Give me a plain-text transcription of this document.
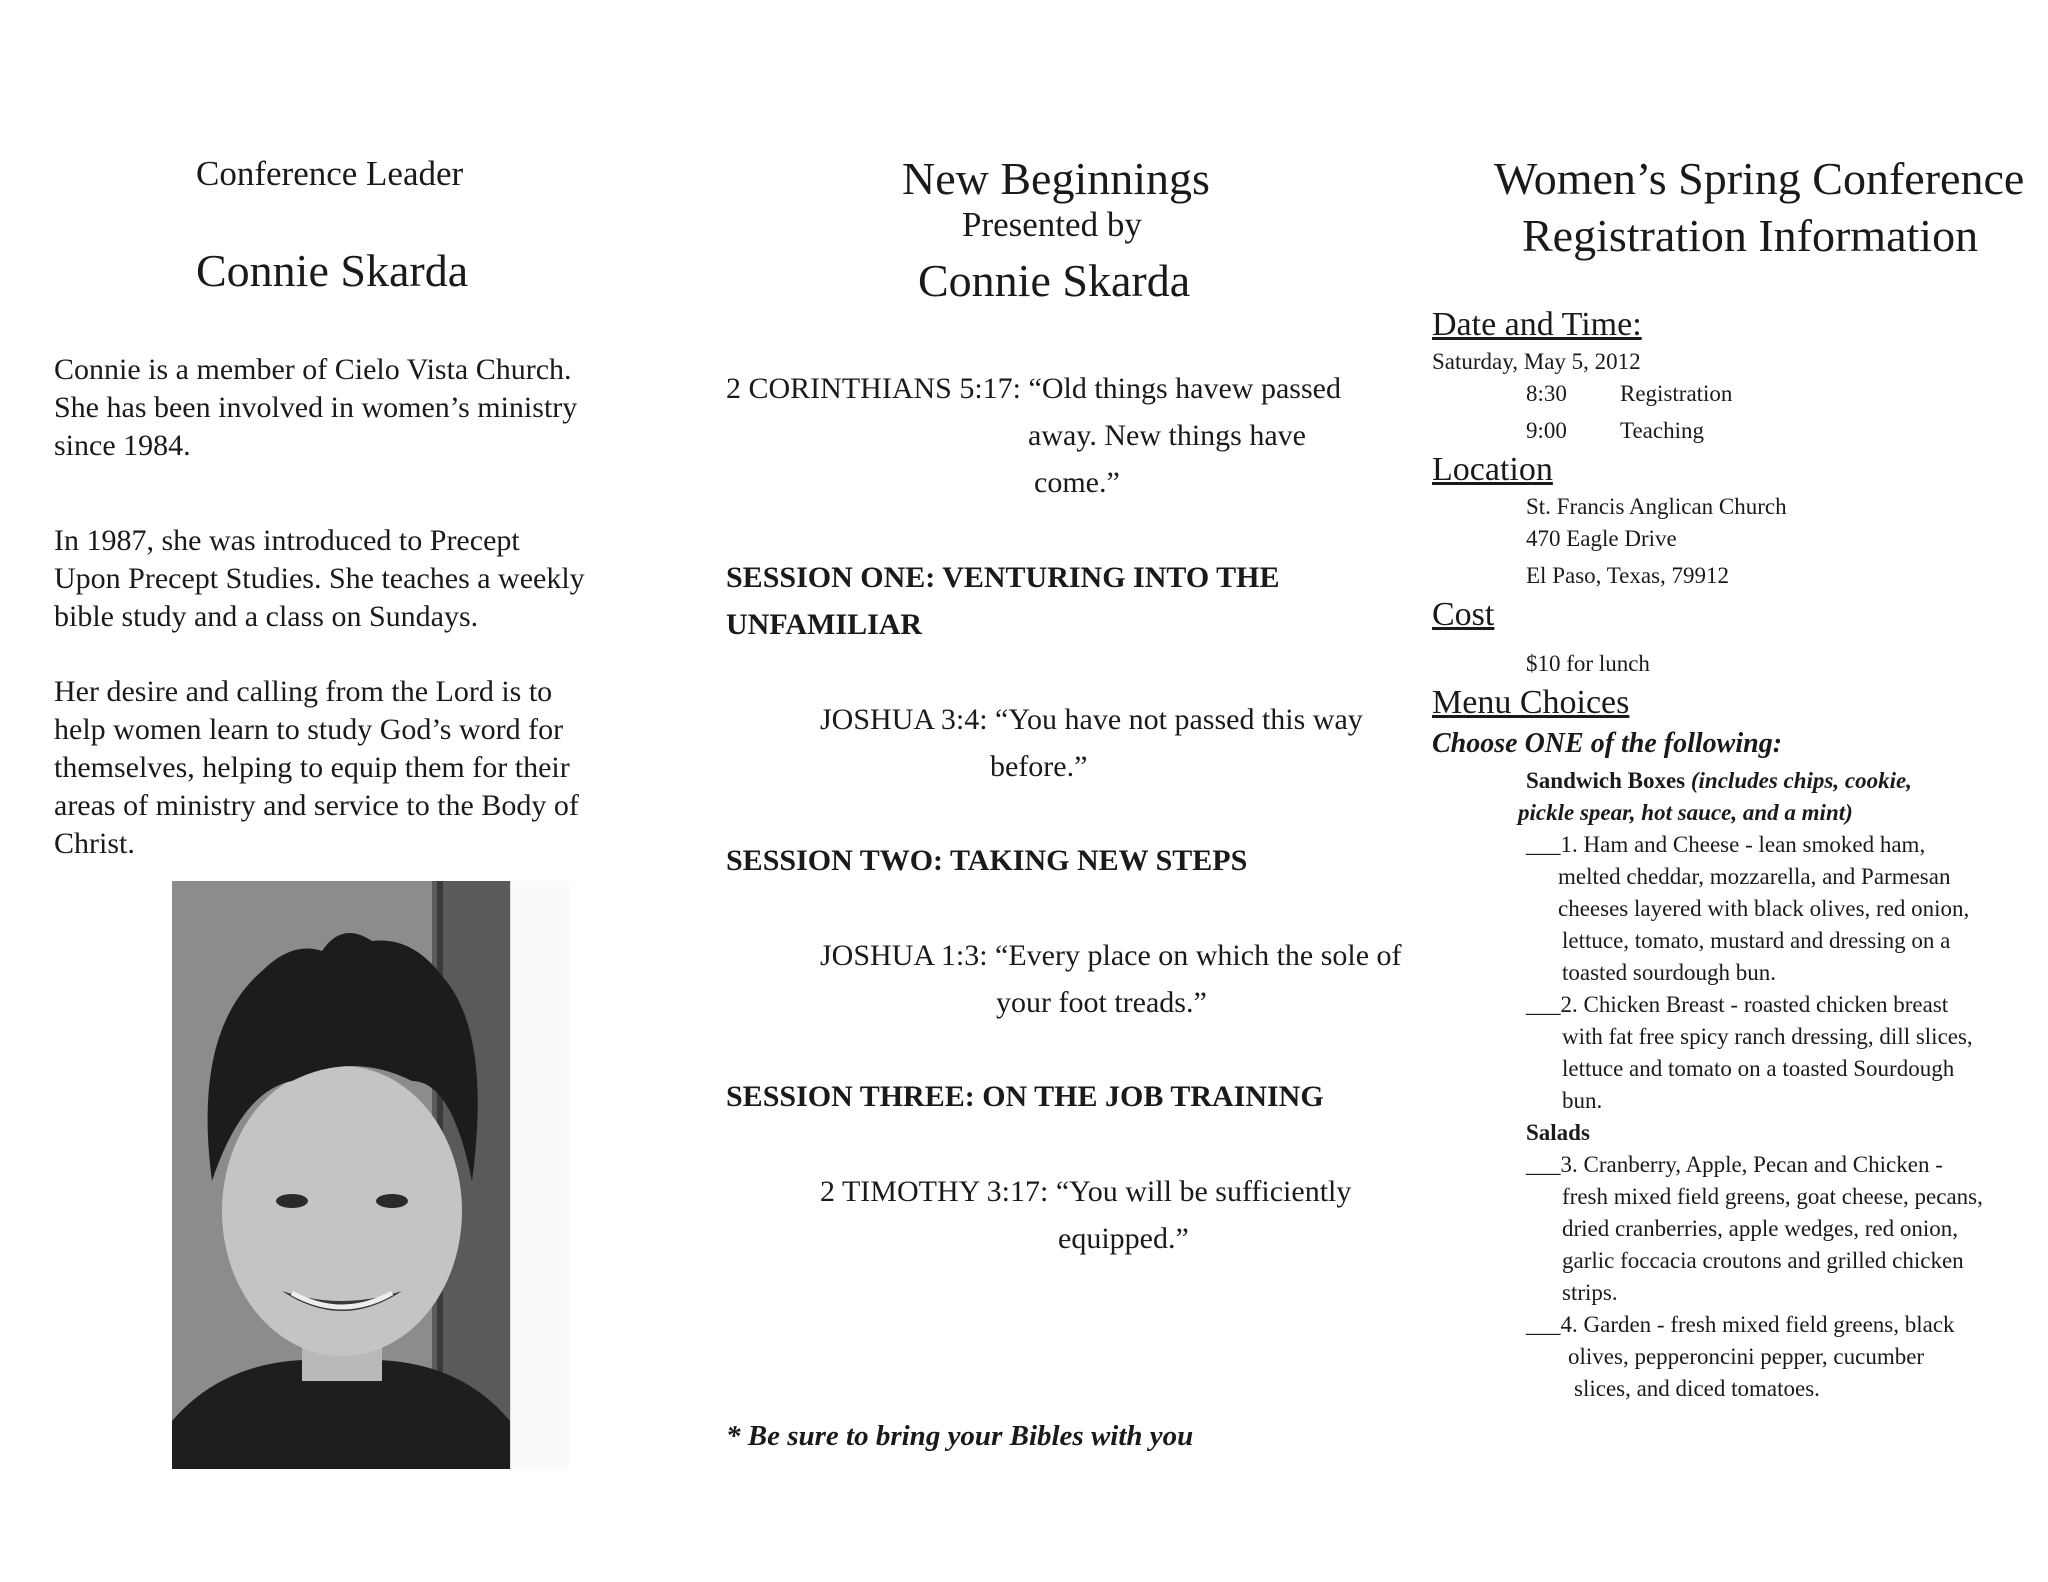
Conference Leader
Connie Skarda
Connie is a member of Cielo Vista Church.
She has been involved in women’s ministry
since 1984.
In 1987, she was introduced to Precept
Upon Precept Studies. She teaches a weekly
bible study and a class on Sundays.
Her desire and calling from the Lord is to
help women learn to study God’s word for
themselves, helping to equip them for their
areas of ministry and service to the Body of
Christ.
New Beginnings
Presented by
Connie Skarda
2 CORINTHIANS 5:17: “Old things havew passed
away. New things have
come.”
SESSION ONE: VENTURING INTO THE
UNFAMILIAR
JOSHUA 3:4: “You have not passed this way
before.”
SESSION TWO: TAKING NEW STEPS
JOSHUA 1:3: “Every place on which the sole of
your foot treads.”
SESSION THREE: ON THE JOB TRAINING
2 TIMOTHY 3:17: “You will be sufficiently
equipped.”
* Be sure to bring your Bibles with you
Women’s Spring Conference
Registration Information
Date and Time:
Saturday, May 5, 2012
8:30 Registration
9:00 Teaching
Location
St. Francis Anglican Church
470 Eagle Drive
El Paso, Texas, 79912
Cost
$10 for lunch
Menu Choices
Choose ONE of the following:
Sandwich Boxes (includes chips, cookie,
pickle spear, hot sauce, and a mint)
___1. Ham and Cheese - lean smoked ham,
melted cheddar, mozzarella, and Parmesan
cheeses layered with black olives, red onion,
lettuce, tomato, mustard and dressing on a
toasted sourdough bun.
___2. Chicken Breast - roasted chicken breast
with fat free spicy ranch dressing, dill slices,
lettuce and tomato on a toasted Sourdough
bun.
Salads
___3. Cranberry, Apple, Pecan and Chicken -
fresh mixed field greens, goat cheese, pecans,
dried cranberries, apple wedges, red onion,
garlic foccacia croutons and grilled chicken
strips.
___4. Garden - fresh mixed field greens, black
olives, pepperoncini pepper, cucumber
slices, and diced tomatoes.
